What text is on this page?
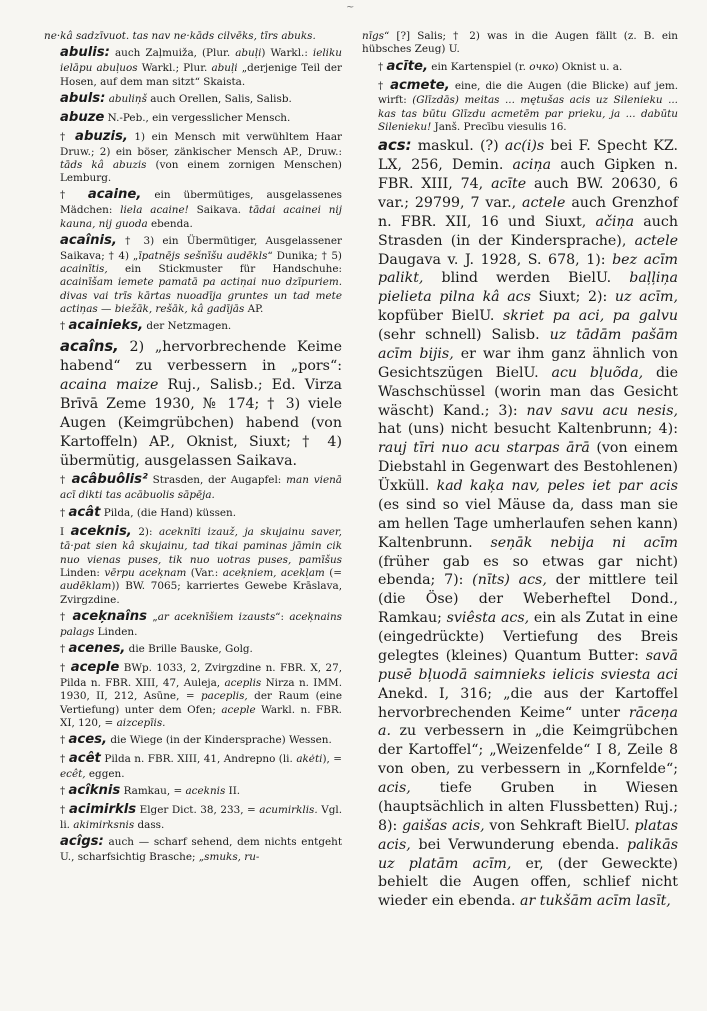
~

ne·kâ sadzīvuot. tas nav ne·kāds cilvēks, tīrs abuks.

abulis: auch Zaļmuiža, (Plur. abuļi) Warkl.: ieliku ielāpu abuļuos Warkl.; Plur. abuļi „derjenige Teil der Hosen, auf dem man sitzt“ Skaista.

abuls: abuliņš auch Orellen, Salis, Salisb.

abuze N.-Peb., ein vergesslicher Mensch.

† abuzis, 1) ein Mensch mit verwühltem Haar Druw.; 2) ein böser, zänkischer Mensch AP., Druw.: tāds kâ abuzis (von einem zornigen Menschen) Lemburg.

† acaine, ein übermütiges, ausgelassenes Mädchen: liela acaine! Saikava. tādai acainei nij kauna, nij guoda ebenda.

acaînis, † 3) ein Übermütiger, Ausgelassener Saikava; † 4) „īpatnējs sešnīšu audēkls“ Dunika; † 5) acainītis, ein Stickmuster für Handschuhe: acainīšam iemete pamatā pa actiņai nuo dzīpuriem. divas vai trīs kārtas nuoadīja gruntes un tad mete actiņas — biežāk, rešāk, kâ gadījās AP.

† acainieks, der Netzmagen.

acaîns, 2) „hervorbrechende Keime habend“ zu verbessern in „pors“: acaina maize Ruj., Salisb.; Ed. Virza Brīvā Zeme 1930, № 174; † 3) viele Augen (Keimgrübchen) habend (von Kartoffeln) AP., Oknist, Siuxt; † 4) übermütig, ausgelassen Saikava.

† acâbuôlis² Strasden, der Augapfel: man vienā acī dikti tas acābuolis sāpēja.

† acât Pilda, (die Hand) küssen.

I aceknis, 2): aceknīti izauž, ja skujainu saver, tā·pat sien kâ skujainu, tad tikai paminas jāmin cik nuo vienas puses, tik nuo uotras puses, pamīšus Linden: vērpu aceķnam (Var.: aceķniem, acekļam (= audēklam)) BW. 7065; karriertes Gewebe Krāslava, Zvirgzdine.

† aceķnaîns „ar aceknīšiem izausts“: aceķnains palags Linden.

† acenes, die Brille Bauske, Golg.

† aceple BWp. 1033, 2, Zvirgzdine n. FBR. X, 27, Pilda n. FBR. XIII, 47, Auleja, aceplis Nirza n. IMM. 1930, II, 212, Asūne, = paceplis, der Raum (eine Vertiefung) unter dem Ofen; aceple Warkl. n. FBR. XI, 120, = aizcepīis.

† aces, die Wiege (in der Kindersprache) Wessen.

† acêt Pilda n. FBR. XIII, 41, Andrepno (li. akėti), = ecêt, eggen.

† acîknis Ramkau, = aceknis II.

† acimirkls Elger Dict. 38, 233, = acumirklis. Vgl. li. akimirksnis dass.

acîgs: auch — scharf sehend, dem nichts entgeht U., scharfsichtig Brasche; „smuks, ru-

nīgs“ [?] Salis; † 2) was in die Augen fällt (z. B. ein hübsches Zeug) U.

† acīte, ein Kartenspiel (r. очко) Oknist u. a.

† acmete, eine, die die Augen (die Blicke) auf jem. wirft: (Glīzdās) meitas ... mętušas acis uz Silenieku ... kas tas būtu Glīzdu acmetēm par prieku, ja ... dabūtu Silenieku! Janš. Precību viesulis 16.

acs: maskul. (?) ac(i)s bei F. Specht KZ. LX, 256, Demin. aciņa auch Gipken n. FBR. XIII, 74, acīte auch BW. 20630, 6 var.; 29799, 7 var., actele auch Grenzhof n. FBR. XII, 16 und Siuxt, ačiņa auch Strasden (in der Kindersprache), actele Daugava v. J. 1928, S. 678, 1): bez acīm palikt, blind werden BielU. baļļiņa pielieta pilna kâ acs Siuxt; 2): uz acīm, kopfüber BielU. skriet pa aci, pa galvu (sehr schnell) Salisb. uz tādām pašām acīm bijis, er war ihm ganz ähnlich von Gesichtszügen BielU. acu bļuõda, die Waschschüssel (worin man das Gesicht wäscht) Kand.; 3): nav savu acu nesis, hat (uns) nicht besucht Kaltenbrunn; 4): rauj tīri nuo acu starpas ārā (von einem Diebstahl in Gegenwart des Bestohlenen) Üxküll. kad kaķa nav, peles iet par acis (es sind so viel Mäuse da, dass man sie am hellen Tage umherlaufen sehen kann) Kaltenbrunn. seņāk nebija ni acīm (früher gab es so etwas gar nicht) ebenda; 7): (nīts) acs, der mittlere teil (die Öse) der Weberheftel Dond., Ramkau; sviêsta acs, ein als Zutat in eine (eingedrückte) Vertiefung des Breis gelegtes (kleines) Quantum Butter: savā pusē bļuodā saimnieks ielicis sviesta aci Anekd. I, 316; „die aus der Kartoffel hervorbrechenden Keime“ unter rāceņa a. zu verbessern in „die Keimgrübchen der Kartoffel“; „Weizenfelde“ I 8, Zeile 8 von oben, zu verbessern in „Kornfelde“; acis, tiefe Gruben in Wiesen (hauptsächlich in alten Flussbetten) Ruj.; 8): gaišas acis, von Sehkraft BielU. platas acis, bei Verwunderung ebenda. palikās uz platām acīm, er, (der Geweckte) behielt die Augen offen, schlief nicht wieder ein ebenda. ar tukšām acīm lasīt,
